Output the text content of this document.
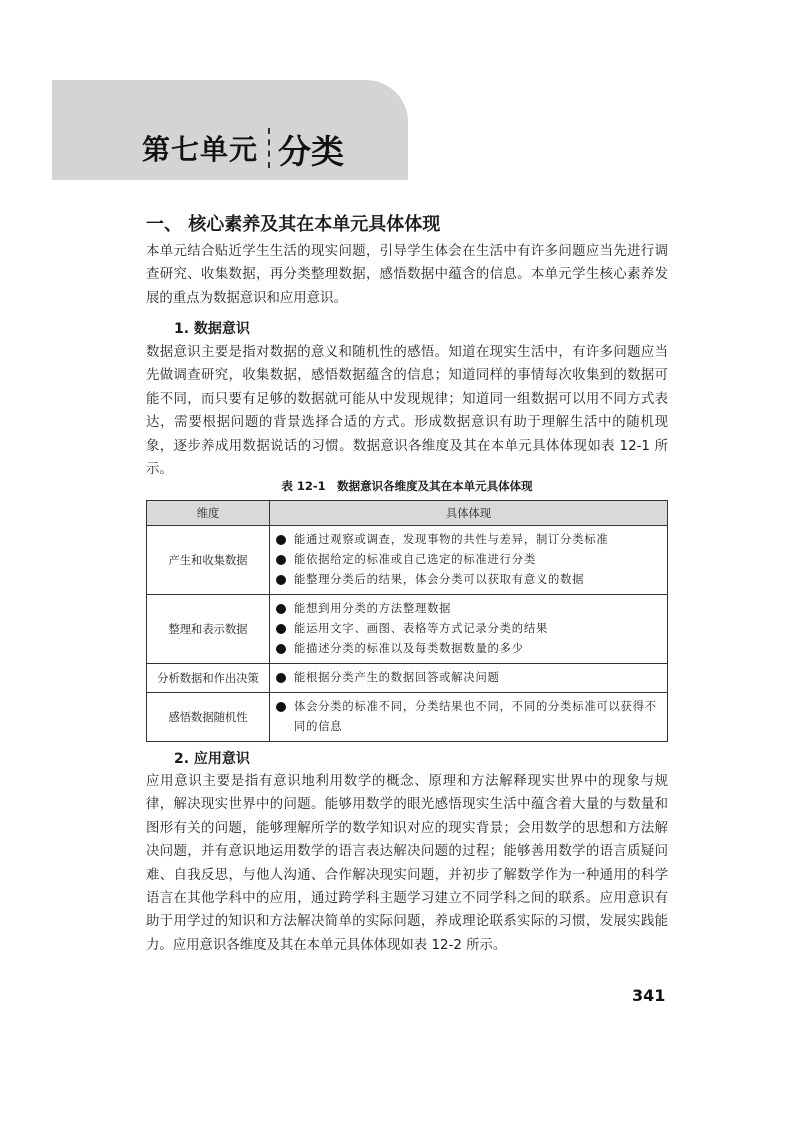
第七单元 分类
一、 核心素养及其在本单元具体体现
本单元结合贴近学生生活的现实问题，引导学生体会在生活中有许多问题应当先进行调查研究、收集数据，再分类整理数据，感悟数据中蕴含的信息。本单元学生核心素养发展的重点为数据意识和应用意识。
1. 数据意识
数据意识主要是指对数据的意义和随机性的感悟。知道在现实生活中，有许多问题应当先做调查研究，收集数据，感悟数据蕴含的信息；知道同样的事情每次收集到的数据可能不同，而只要有足够的数据就可能从中发现规律；知道同一组数据可以用不同方式表达，需要根据问题的背景选择合适的方式。形成数据意识有助于理解生活中的随机现象，逐步养成用数据说话的习惯。数据意识各维度及其在本单元具体体现如表 12-1 所示。
表 12-1　数据意识各维度及其在本单元具体体现
维度	具体体现
产生和收集数据	能通过观察或调查，发现事物的共性与差异，制订分类标准
能依据给定的标准或自己选定的标准进行分类
能整理分类后的结果，体会分类可以获取有意义的数据

整理和表示数据	能想到用分类的方法整理数据
能运用文字、画图、表格等方式记录分类的结果
能描述分类的标准以及每类数据数量的多少

分析数据和作出决策	能根据分类产生的数据回答或解决问题

感悟数据随机性	体会分类的标准不同，分类结果也不同，不同的分类标准可以获得不同的信息
2. 应用意识
应用意识主要是指有意识地利用数学的概念、原理和方法解释现实世界中的现象与规律，解决现实世界中的问题。能够用数学的眼光感悟现实生活中蕴含着大量的与数量和图形有关的问题，能够理解所学的数学知识对应的现实背景；会用数学的思想和方法解决问题，并有意识地运用数学的语言表达解决问题的过程；能够善用数学的语言质疑问难、自我反思，与他人沟通、合作解决现实问题，并初步了解数学作为一种通用的科学语言在其他学科中的应用，通过跨学科主题学习建立不同学科之间的联系。应用意识有助于用学过的知识和方法解决简单的实际问题，养成理论联系实际的习惯，发展实践能力。应用意识各维度及其在本单元具体体现如表 12-2 所示。
341
